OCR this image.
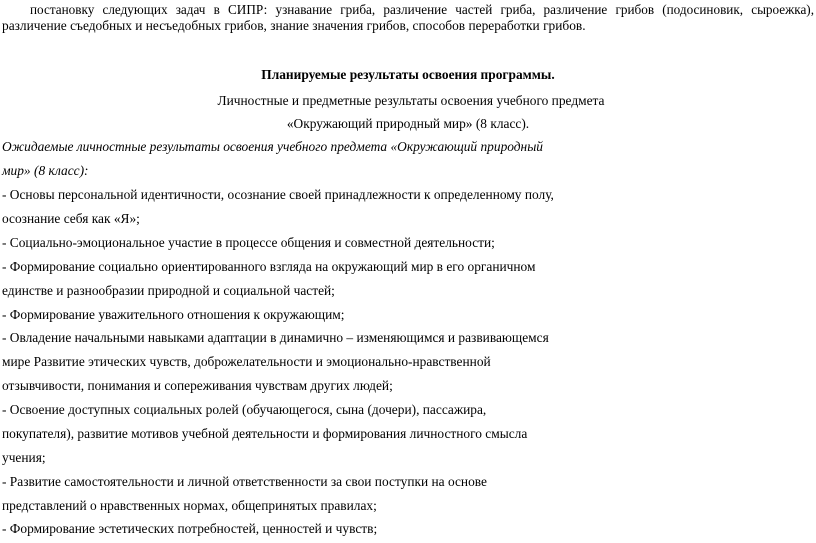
постановку следующих задач в СИПР: узнавание гриба, различение частей гриба, различение грибов (подосиновик, сыроежка),
различение съедобных и несъедобных грибов, знание значения грибов, способов переработки грибов.
Планируемые результаты освоения программы.
Личностные и предметные результаты освоения учебного предмета
«Окружающий природный мир» (8 класс).
Ожидаемые личностные результаты освоения учебного предмета «Окружающий природный
мир» (8 класс):
- Основы персональной идентичности, осознание своей принадлежности к определенному полу,
осознание себя как «Я»;
- Социально-эмоциональное участие в процессе общения и совместной деятельности;
- Формирование социально ориентированного взгляда на окружающий мир в его органичном
единстве и разнообразии природной и социальной частей;
- Формирование уважительного отношения к окружающим;
- Овладение начальными навыками адаптации в динамично – изменяющимся и развивающемся
мире Развитие этических чувств, доброжелательности и эмоционально-нравственной
отзывчивости, понимания и сопереживания чувствам других людей;
- Освоение доступных социальных ролей (обучающегося, сына (дочери), пассажира,
покупателя), развитие мотивов учебной деятельности и формирования личностного смысла
учения;
- Развитие самостоятельности и личной ответственности за свои поступки на основе
представлений о нравственных нормах, общепринятых правилах;
- Формирование эстетических потребностей, ценностей и чувств;
